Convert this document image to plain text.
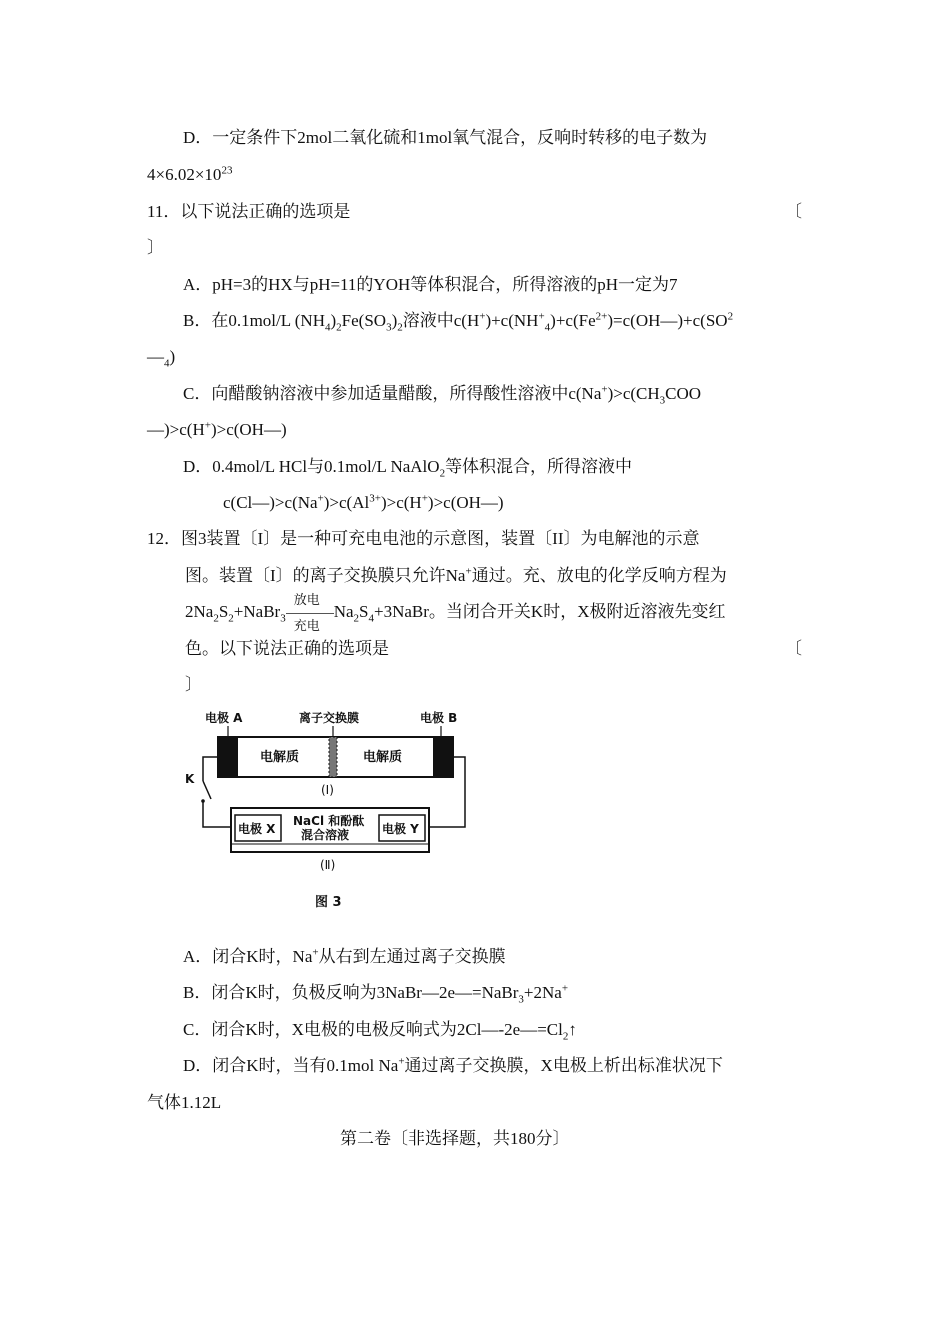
D．一定条件下2mol二氧化硫和1mol氧气混合，反响时转移的电子数为
$4\times 6.02\times 10^{23}$
11．以下说法正确的选项是	〔
〕
A．pH=3的HX与pH=11的YOH等体积混合，所得溶液的pH一定为7
B．在0.1mol/L $(NH_4)_2Fe(SO_3)_2$溶液中$c(H^+)+c(NH^+_4)+c(Fe^{2+})=c(OH—)+c(SO^2$
$—_4$)
C．向醋酸钠溶液中参加适量醋酸，所得酸性溶液中$c(Na^+)>c(CH_3COO$
—)>c(H+)>c(OH—)
D．0.4mol/L HCl与0.1mol/L NaAlO$_2$等体积混合，所得溶液中
$c(Cl—)>c(Na^+)>c(Al^{3+})>c(H^+)>c(OH—)$
12．图3装置〔I〕是一种可充电电池的示意图，装置〔II〕为电解池的示意
图。装置〔I〕的离子交换膜只允许Na+通过。充、放电的化学反响方程为
$2Na_2S_2+NaBr_3 \frac{\text{放电}}{\text{充电}}$ $Na_2S_4+3NaBr$。当闭合开关K时，X极附近溶液先变红
色。以下说法正确的选项是	〔
〕
电极 A	离子交换膜	电极 B
电解质	电解质
(Ⅰ)
K
电极 X	电极 Y
NaCl 和酚酞
混合溶液
(Ⅱ)
图 3
A．闭合K时，Na+从右到左通过离子交换膜
B．闭合K时，负极反响为3NaBr—2e—=NaBr$_3$+2Na+
C．闭合K时，X电极的电极反响式为$2Cl—-2e—=Cl_2↑$
D．闭合K时，当有0.1mol Na+通过离子交换膜，X电极上析出标准状况下
气体1.12L
第二卷〔非选择题，共180分〕
